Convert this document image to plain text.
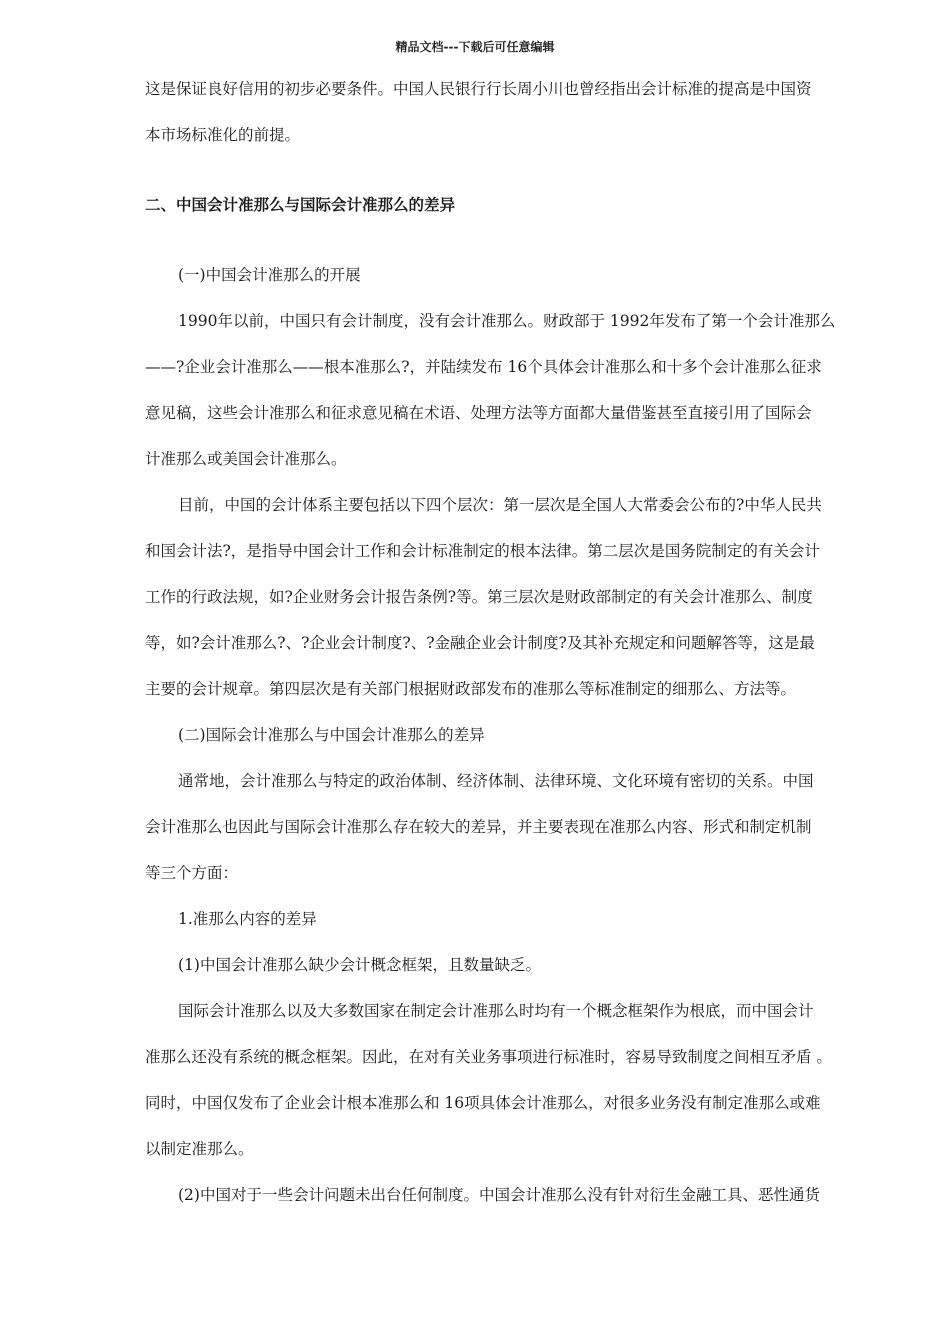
精品文档---下载后可任意编辑

这是保证良好信用的初步必要条件。中国人民银行行长周小川也曾经指出会计标准的提高是中国资

本市场标准化的前提。

二、中国会计准那么与国际会计准那么的差异

(一)中国会计准那么的开展

1990年以前，中国只有会计制度，没有会计准那么。财政部于 1992年发布了第一个会计准那么

——?企业会计准那么——根本准那么?，并陆续发布 16个具体会计准那么和十多个会计准那么征求

意见稿，这些会计准那么和征求意见稿在术语、处理方法等方面都大量借鉴甚至直接引用了国际会

计准那么或美国会计准那么。

目前，中国的会计体系主要包括以下四个层次：第一层次是全国人大常委会公布的?中华人民共

和国会计法?，是指导中国会计工作和会计标准制定的根本法律。第二层次是国务院制定的有关会计

工作的行政法规，如?企业财务会计报告条例?等。第三层次是财政部制定的有关会计准那么、制度

等，如?会计准那么?、?企业会计制度?、?金融企业会计制度?及其补充规定和问题解答等，这是最

主要的会计规章。第四层次是有关部门根据财政部发布的准那么等标准制定的细那么、方法等。

(二)国际会计准那么与中国会计准那么的差异

通常地，会计准那么与特定的政治体制、经济体制、法律环境、文化环境有密切的关系。中国

会计准那么也因此与国际会计准那么存在较大的差异，并主要表现在准那么内容、形式和制定机制

等三个方面：

1.准那么内容的差异

(1)中国会计准那么缺少会计概念框架，且数量缺乏。

国际会计准那么以及大多数国家在制定会计准那么时均有一个概念框架作为根底，而中国会计

准那么还没有系统的概念框架。因此，在对有关业务事项进行标准时，容易导致制度之间相互矛盾 。

同时，中国仅发布了企业会计根本准那么和 16项具体会计准那么，对很多业务没有制定准那么或难

以制定准那么。

(2)中国对于一些会计问题未出台任何制度。中国会计准那么没有针对衍生金融工具、恶性通货
